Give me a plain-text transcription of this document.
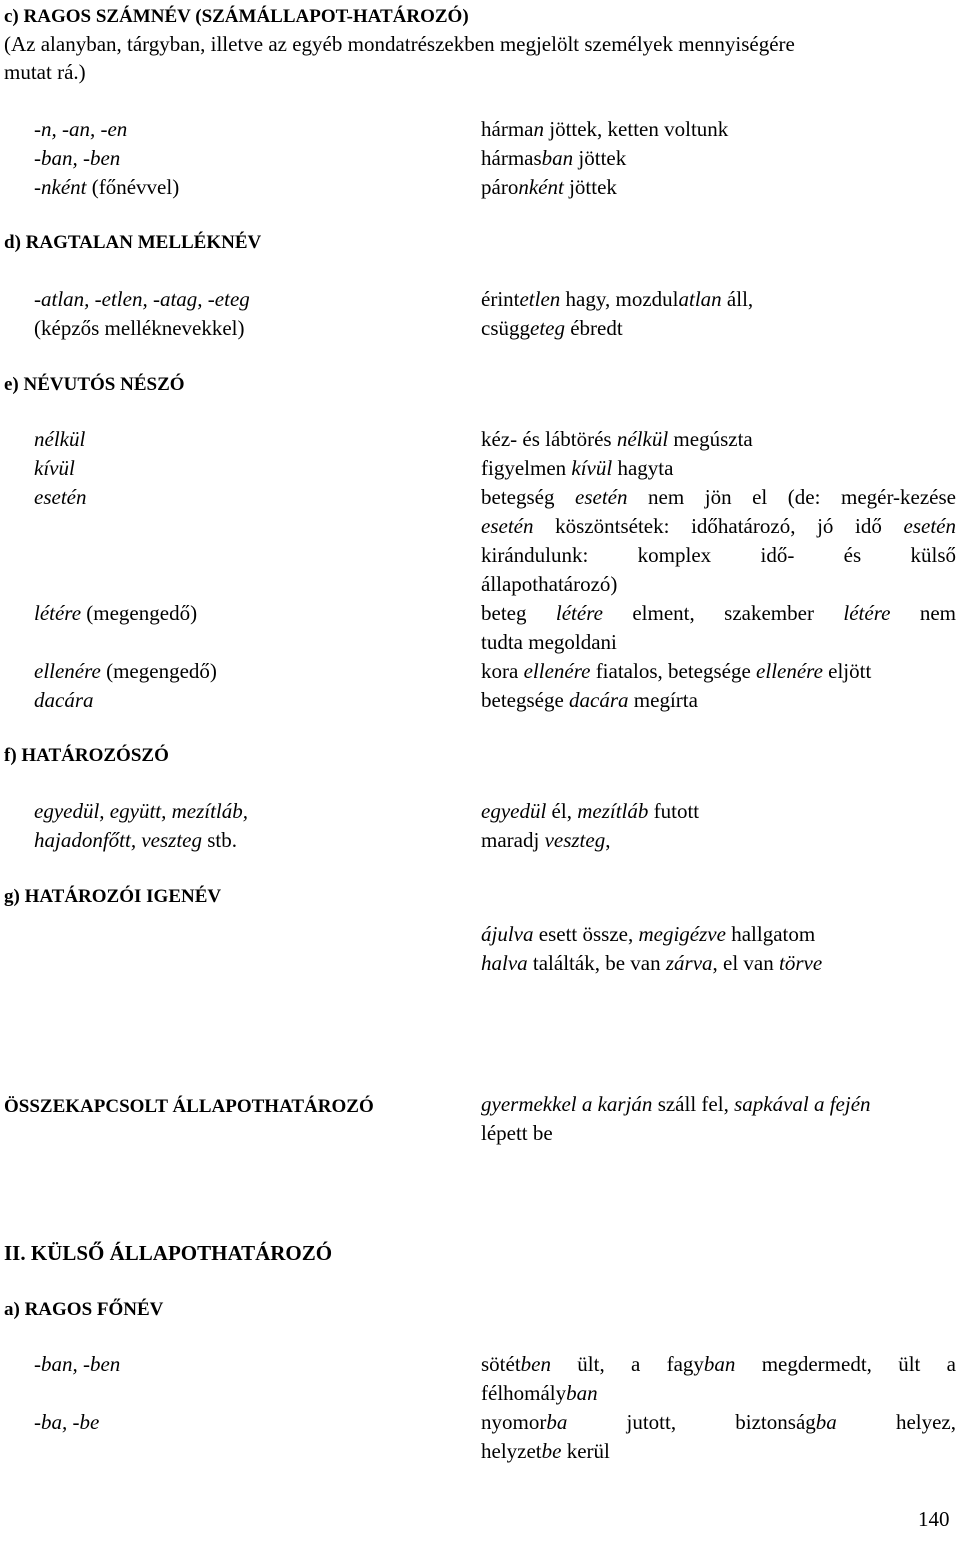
c) RAGOS SZÁMNÉV (SZÁMÁLLAPOT-HATÁROZÓ)
(Az alanyban, tárgyban, illetve az egyéb mondatrészekben megjelölt személyek mennyiségére
mutat rá.)
-n, -an, -en
-ban, -ben
-nként (főnévvel)
hárman jöttek, ketten voltunk
hármasban jöttek
páronként jöttek
d) RAGTALAN MELLÉKNÉV
-atlan, -etlen, -atag, -eteg
(képzős melléknevekkel)
érintetlen hagy, mozdulatlan áll,
csüggeteg ébredt
e) NÉVUTÓS NÉSZÓ
nélkül
kívül
esetén
létére (megengedő)
ellenére (megengedő)
dacára
kéz- és lábtörés nélkül megúszta
figyelmen kívül hagyta
betegség esetén nem jön el (de: megér-kezése
esetén köszöntsétek: időhatározó, jó idő esetén
kirándulunk: komplex idő- és külső
állapothatározó)
beteg létére elment, szakember létére nem
tudta megoldani
kora ellenére fiatalos, betegsége ellenére eljött
betegsége dacára megírta
f) HATÁROZÓSZÓ
egyedül, együtt, mezítláb,
hajadonfőtt, veszteg stb.
egyedül él, mezítláb futott
maradj veszteg,
g) HATÁROZÓI IGENÉV
ájulva esett össze, megigézve hallgatom
halva találták, be van zárva, el van törve
ÖSSZEKAPCSOLT ÁLLAPOTHATÁROZÓ	gyermekkel a karján száll fel, sapkával a fején
lépett be
II. KÜLSŐ ÁLLAPOTHATÁROZÓ
a) RAGOS FŐNÉV
-ban, -ben
-ba, -be
sötétben ült, a fagyban megdermedt, ült a
félhomályban
nyomorba jutott, biztonságba helyez,
helyzetbe kerül
140
